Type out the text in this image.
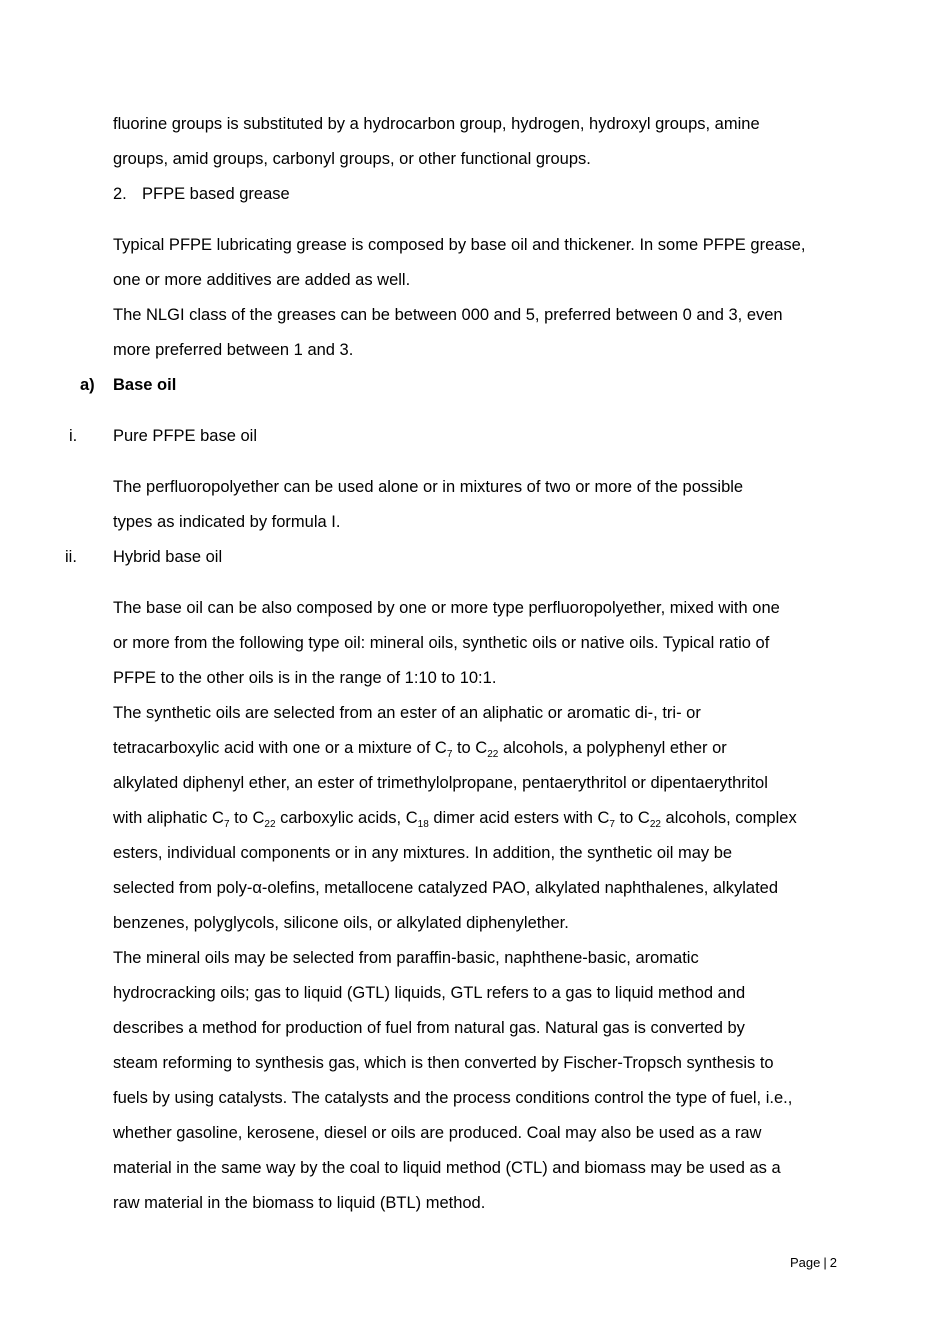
fluorine groups is substituted by a hydrocarbon group, hydrogen, hydroxyl groups, amine
groups, amid groups, carbonyl groups, or other functional groups.
2. PFPE based grease
Typical PFPE lubricating grease is composed by base oil and thickener. In some PFPE grease,
one or more additives are added as well.
The NLGI class of the greases can be between 000 and 5, preferred between 0 and 3, even
more preferred between 1 and 3.
a) Base oil
i. Pure PFPE base oil
The perfluoropolyether can be used alone or in mixtures of two or more of the possible
types as indicated by formula I.
ii. Hybrid base oil
The base oil can be also composed by one or more type perfluoropolyether, mixed with one
or more from the following type oil: mineral oils, synthetic oils or native oils. Typical ratio of
PFPE to the other oils is in the range of 1:10 to 10:1.
The synthetic oils are selected from an ester of an aliphatic or aromatic di-, tri- or
tetracarboxylic acid with one or a mixture of $C_7$ to $C_{22}$ alcohols, a polyphenyl ether or
alkylated diphenyl ether, an ester of trimethylolpropane, pentaerythritol or dipentaerythritol
with aliphatic $C_7$ to $C_{22}$ carboxylic acids, $C_{18}$ dimer acid esters with $C_7$ to $C_{22}$ alcohols, complex
esters, individual components or in any mixtures. In addition, the synthetic oil may be
selected from poly-α-olefins, metallocene catalyzed PAO, alkylated naphthalenes, alkylated
benzenes, polyglycols, silicone oils, or alkylated diphenylether.
The mineral oils may be selected from paraffin-basic, naphthene-basic, aromatic
hydrocracking oils; gas to liquid (GTL) liquids, GTL refers to a gas to liquid method and
describes a method for production of fuel from natural gas. Natural gas is converted by
steam reforming to synthesis gas, which is then converted by Fischer-Tropsch synthesis to
fuels by using catalysts. The catalysts and the process conditions control the type of fuel, i.e.,
whether gasoline, kerosene, diesel or oils are produced. Coal may also be used as a raw
material in the same way by the coal to liquid method (CTL) and biomass may be used as a
raw material in the biomass to liquid (BTL) method.
Page | 2
